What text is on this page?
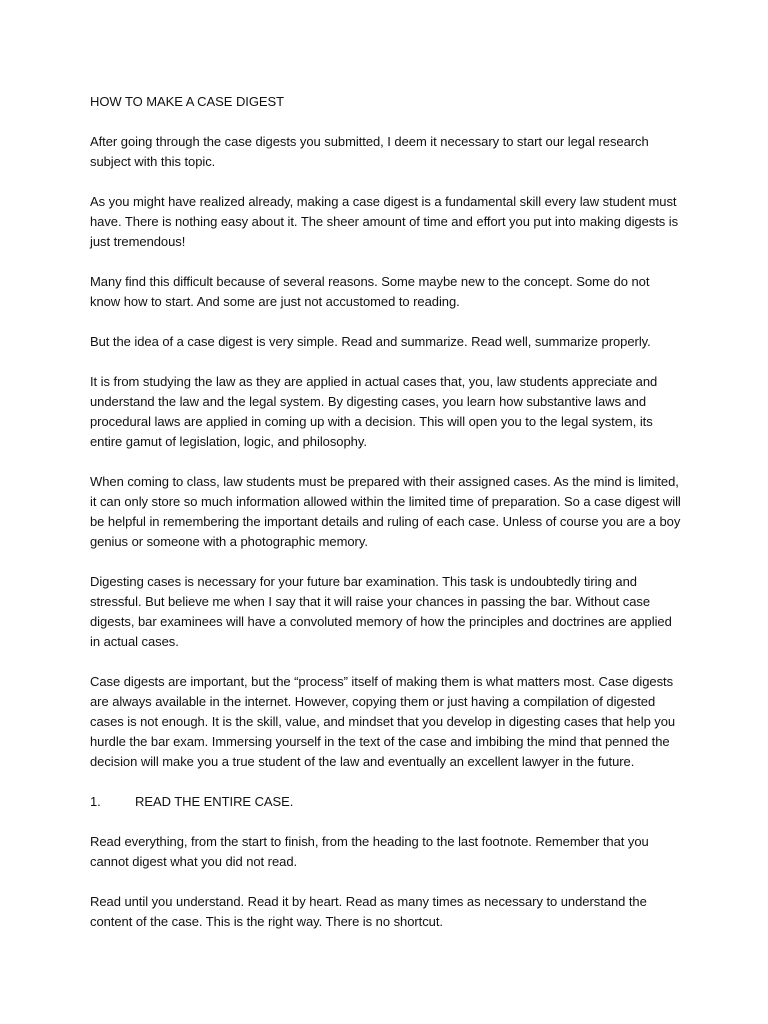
HOW TO MAKE A CASE DIGEST

After going through the case digests you submitted, I deem it necessary to start our legal research subject with this topic.

As you might have realized already, making a case digest is a fundamental skill every law student must have. There is nothing easy about it. The sheer amount of time and effort you put into making digests is just tremendous!

Many find this difficult because of several reasons. Some maybe new to the concept. Some do not know how to start. And some are just not accustomed to reading.

But the idea of a case digest is very simple. Read and summarize. Read well, summarize properly.

It is from studying the law as they are applied in actual cases that, you, law students appreciate and understand the law and the legal system. By digesting cases, you learn how substantive laws and procedural laws are applied in coming up with a decision. This will open you to the legal system, its entire gamut of legislation, logic, and philosophy.

When coming to class, law students must be prepared with their assigned cases. As the mind is limited, it can only store so much information allowed within the limited time of preparation. So a case digest will be helpful in remembering the important details and ruling of each case. Unless of course you are a boy genius or someone with a photographic memory.

Digesting cases is necessary for your future bar examination. This task is undoubtedly tiring and stressful. But believe me when I say that it will raise your chances in passing the bar. Without case digests, bar examinees will have a convoluted memory of how the principles and doctrines are applied in actual cases.

Case digests are important, but the “process” itself of making them is what matters most. Case digests are always available in the internet. However, copying them or just having a compilation of digested cases is not enough. It is the skill, value, and mindset that you develop in digesting cases that help you hurdle the bar exam. Immersing yourself in the text of the case and imbibing the mind that penned the decision will make you a true student of the law and eventually an excellent lawyer in the future.

1.	READ THE ENTIRE CASE.

Read everything, from the start to finish, from the heading to the last footnote. Remember that you cannot digest what you did not read.

Read until you understand. Read it by heart. Read as many times as necessary to understand the content of the case. This is the right way. There is no shortcut.
